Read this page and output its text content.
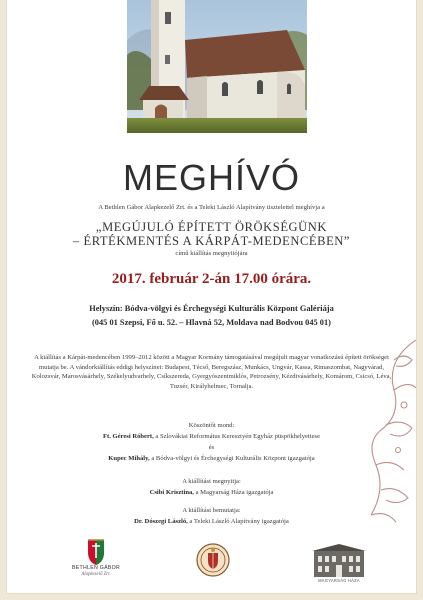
MEGHÍVÓ
A Bethlen Gábor Alapkezelő Zrt. és a Teleki László Alapítvány tisztelettel meghívja a
„MEGÚJULÓ ÉPÍTETT ÖRÖKSÉGÜNK
– ÉRTÉKMENTÉS A KÁRPÁT-MEDENCÉBEN”
című kiállítás megnyitójára
2017. február 2-án 17.00 órára.
Helyszín: Bódva-völgyi és Érchegységi Kulturális Központ Galériája
(045 01 Szepsi, Fő u. 52. – Hlavná 52, Moldava nad Bodvou 045 01)
A kiállítás a Kárpát-medencében 1999–2012 között a Magyar Kormány támogatásával megújult magyar vonatkozású épített örökséget mutatja be. A vándorkiállítás eddigi helyszínei: Budapest, Técső, Beregszász, Munkács, Ungvár, Kassa, Rimaszombat, Nagyvárad, Kolozsvár, Marosvásárhely, Székelyudvarhely, Csíkszereda, Gyergyószentmiklós, Petrozsény, Kézdivásárhely, Komárom, Csicsó, Léva, Tuzsér, Királyhelmec, Tornalja.
Köszöntőt mond:
Ft. Géresi Róbert, a Szlovákiai Református Keresztyén Egyház püspökhelyettese
és
Kupec Mihály, a Bódva-völgyi és Érchegységi Kulturális Központ igazgatója
A kiállítást megnyitja:
Csibi Krisztina, a Magyarság Háza igazgatója
A kiállítást bemutatja:
Dr. Dószegi László, a Teleki László Alapítvány igazgatója
BETHLEN GÁBOR
Alapkezelő Zrt.
MAGYARSÁG HÁZA
